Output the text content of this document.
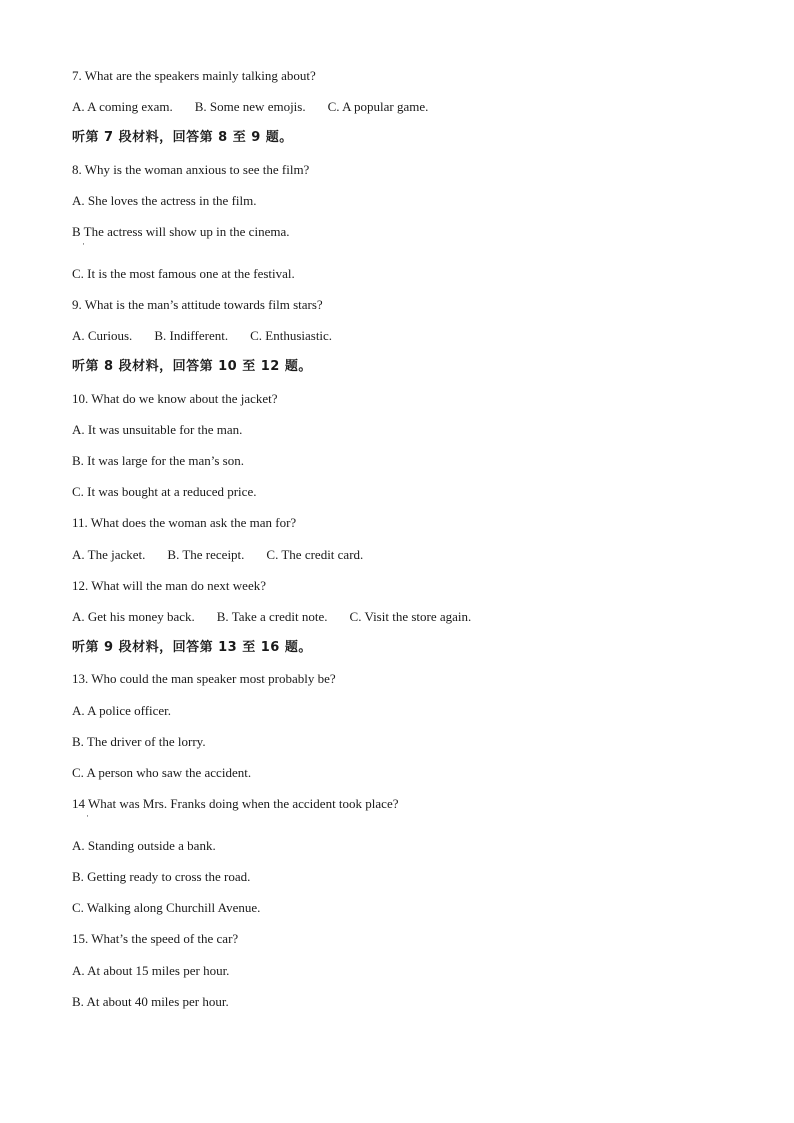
7. What are the speakers mainly talking about?
A. A coming exam. B. Some new emojis. C. A popular game.
听第 7 段材料，回答第 8 至 9 题。
8. Why is the woman anxious to see the film?
A. She loves the actress in the film.
B The actress will show up in the cinema.
·
C. It is the most famous one at the festival.
9. What is the man’s attitude towards film stars?
A. Curious. B. Indifferent. C. Enthusiastic.
听第 8 段材料，回答第 10 至 12 题。
10. What do we know about the jacket?
A. It was unsuitable for the man.
B. It was large for the man’s son.
C. It was bought at a reduced price.
11. What does the woman ask the man for?
A. The jacket. B. The receipt. C. The credit card.
12. What will the man do next week?
A. Get his money back. B. Take a credit note. C. Visit the store again.
听第 9 段材料，回答第 13 至 16 题。
13. Who could the man speaker most probably be?
A. A police officer.
B. The driver of the lorry.
C. A person who saw the accident.
14 What was Mrs. Franks doing when the accident took place?
·
A. Standing outside a bank.
B. Getting ready to cross the road.
C. Walking along Churchill Avenue.
15. What’s the speed of the car?
A. At about 15 miles per hour.
B. At about 40 miles per hour.
